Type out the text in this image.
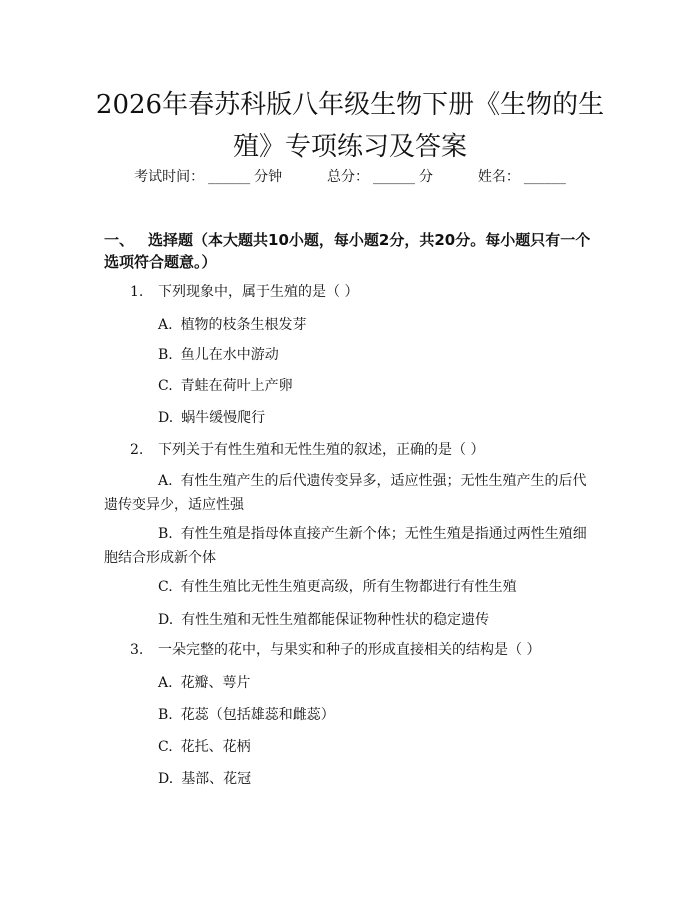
2026年春苏科版八年级生物下册《生物的生殖》专项练习及答案
考试时间： ______ 分钟	总分： ______ 分	姓名： ______
一、 选择题（本大题共10小题，每小题2分，共20分。每小题只有一个选项符合题意。）
1. 下列现象中，属于生殖的是（ ）
A. 植物的枝条生根发芽
B. 鱼儿在水中游动
C. 青蛙在荷叶上产卵
D. 蜗牛缓慢爬行
2. 下列关于有性生殖和无性生殖的叙述，正确的是（ ）
A. 有性生殖产生的后代遗传变异多，适应性强；无性生殖产生的后代遗传变异少，适应性强
B. 有性生殖是指母体直接产生新个体；无性生殖是指通过两性生殖细胞结合形成新个体
C. 有性生殖比无性生殖更高级，所有生物都进行有性生殖
D. 有性生殖和无性生殖都能保证物种性状的稳定遗传
3. 一朵完整的花中，与果实和种子的形成直接相关的结构是（ ）
A. 花瓣、萼片
B. 花蕊（包括雄蕊和雌蕊）
C. 花托、花柄
D. 基部、花冠
